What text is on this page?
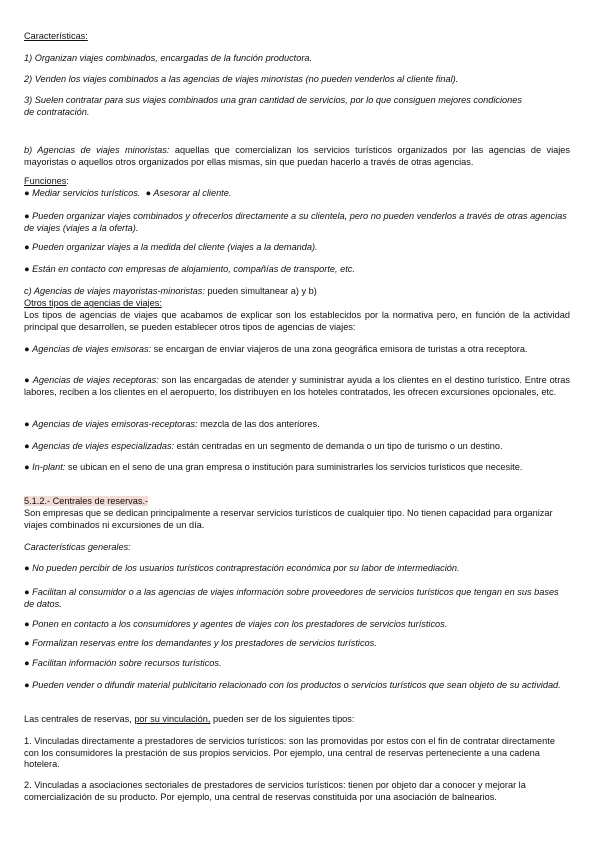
Características:

1) Organizan viajes combinados, encargadas de la función productora.

2) Venden los viajes combinados a las agencias de viajes minoristas (no pueden venderlos al cliente final).

3) Suelen contratar para sus viajes combinados una gran cantidad de servicios, por lo que consiguen mejores condiciones de contratación.

b) Agencias de viajes minoristas: aquellas que comercializan los servicios turísticos organizados por las agencias de viajes mayoristas o aquellos otros organizados por ellas mismas, sin que puedan hacerlo a través de otras agencias.

Funciones:

● Mediar servicios turísticos. ● Asesorar al cliente.

● Pueden organizar viajes combinados y ofrecerlos directamente a su clientela, pero no pueden venderlos a través de otras agencias de viajes (viajes a la oferta).

● Pueden organizar viajes a la medida del cliente (viajes a la demanda).

● Están en contacto con empresas de alojamiento, compañías de transporte, etc.

c) Agencias de viajes mayoristas-minoristas: pueden simultanear a) y b)

Otros tipos de agencias de viajes:

Los tipos de agencias de viajes que acabamos de explicar son los establecidos por la normativa pero, en función de la actividad principal que desarrollen, se pueden establecer otros tipos de agencias de viajes:

● Agencias de viajes emisoras: se encargan de enviar viajeros de una zona geográfica emisora de turistas a otra receptora.

● Agencias de viajes receptoras: son las encargadas de atender y suministrar ayuda a los clientes en el destino turístico. Entre otras labores, reciben a los clientes en el aeropuerto, los distribuyen en los hoteles contratados, les ofrecen excursiones opcionales, etc.

● Agencias de viajes emisoras-receptoras: mezcla de las dos anteriores.

● Agencias de viajes especializadas: están centradas en un segmento de demanda o un tipo de turismo o un destino.

● In-plant: se ubican en el seno de una gran empresa o institución para suministrarles los servicios turísticos que necesite.

5.1.2.- Centrales de reservas.-

Son empresas que se dedican principalmente a reservar servicios turísticos de cualquier tipo. No tienen capacidad para organizar viajes combinados ni excursiones de un día.

Características generales:

● No pueden percibir de los usuarios turísticos contraprestación económica por su labor de intermediación.

● Facilitan al consumidor o a las agencias de viajes información sobre proveedores de servicios turísticos que tengan en sus bases de datos.

● Ponen en contacto a los consumidores y agentes de viajes con los prestadores de servicios turísticos.

● Formalizan reservas entre los demandantes y los prestadores de servicios turísticos.

● Facilitan información sobre recursos turísticos.

● Pueden vender o difundir material publicitario relacionado con los productos o servicios turísticos que sean objeto de su actividad.

Las centrales de reservas, por su vinculación, pueden ser de los siguientes tipos:

1. Vinculadas directamente a prestadores de servicios turísticos: son las promovidas por estos con el fin de contratar directamente con los consumidores la prestación de sus propios servicios. Por ejemplo, una central de reservas perteneciente a una cadena hotelera.

2. Vinculadas a asociaciones sectoriales de prestadores de servicios turísticos: tienen por objeto dar a conocer y mejorar la comercialización de su producto. Por ejemplo, una central de reservas constituida por una asociación de balnearios.
